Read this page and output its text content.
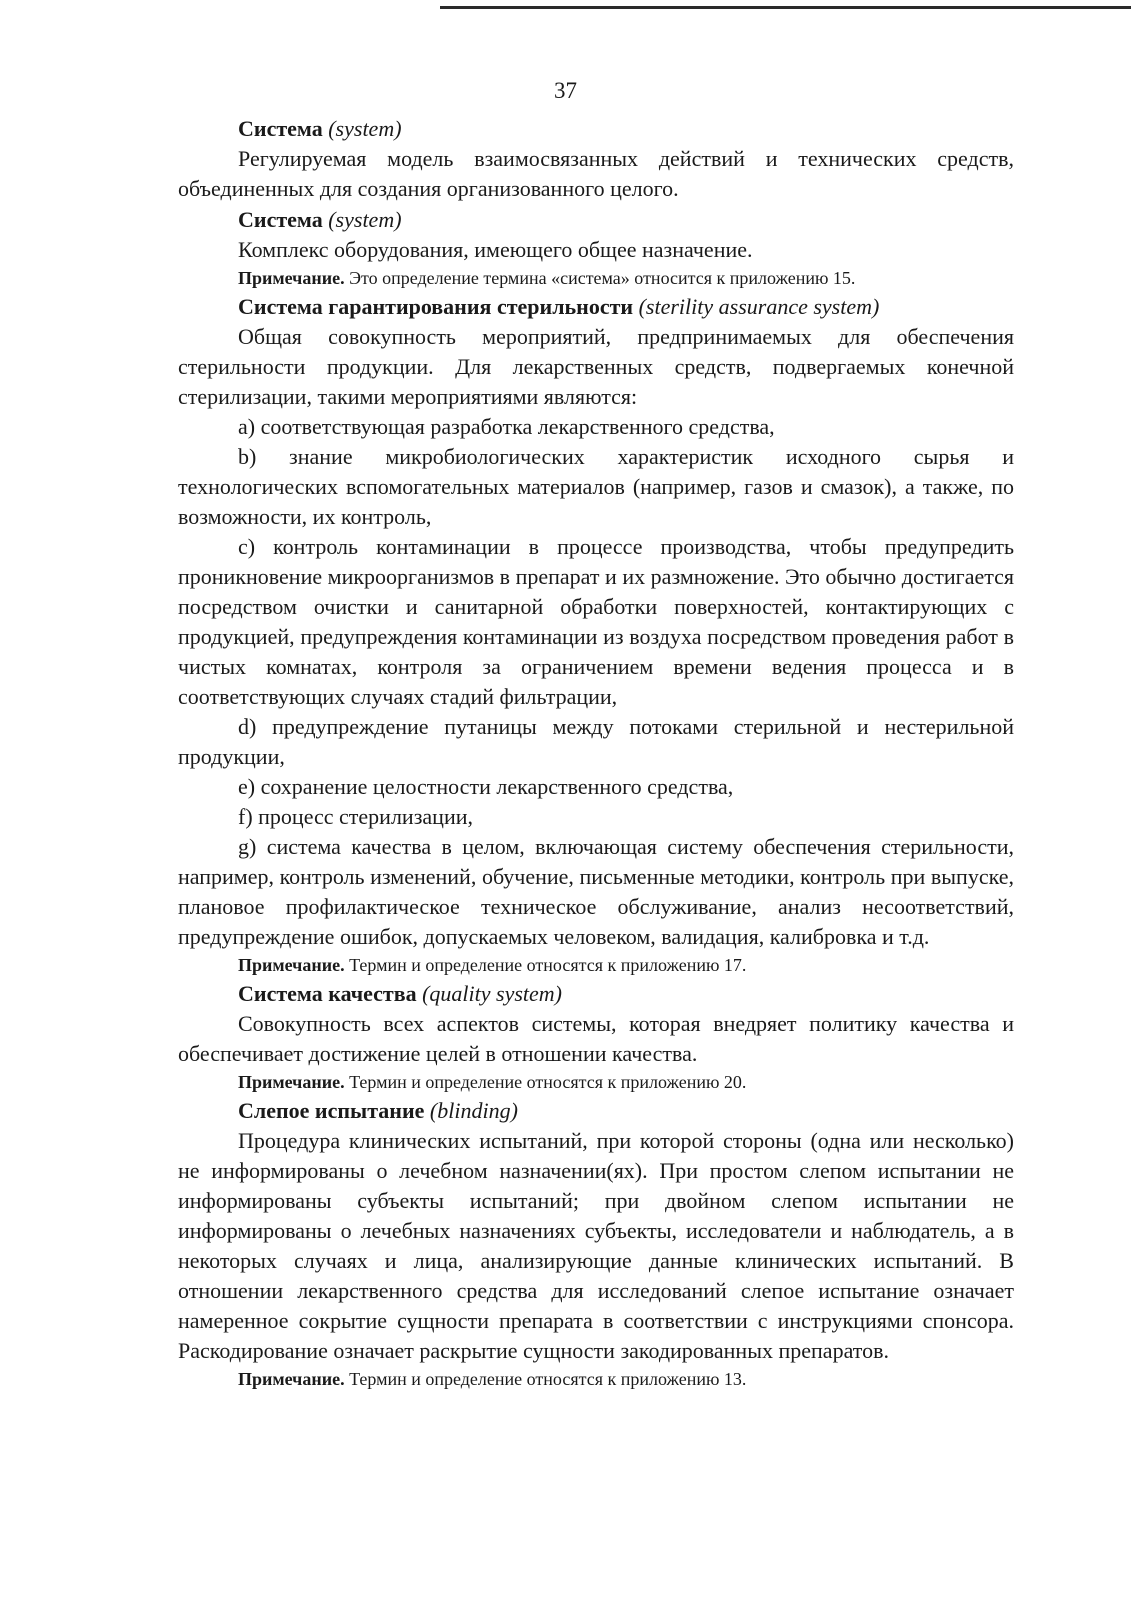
37

Система (system)

Регулируемая модель взаимосвязанных действий и технических средств, объединенных для создания организованного целого.

Система (system)

Комплекс оборудования, имеющего общее назначение.

Примечание. Это определение термина «система» относится к приложению 15.

Система гарантирования стерильности (sterility assurance system)

Общая совокупность мероприятий, предпринимаемых для обеспечения стерильности продукции. Для лекарственных средств, подвергаемых конечной стерилизации, такими мероприятиями являются:

a) соответствующая разработка лекарственного средства,

b) знание микробиологических характеристик исходного сырья и технологических вспомогательных материалов (например, газов и смазок), а также, по возможности, их контроль,

c) контроль контаминации в процессе производства, чтобы предупредить проникновение микроорганизмов в препарат и их размножение. Это обычно достигается посредством очистки и санитарной обработки поверхностей, контактирующих с продукцией, предупреждения контаминации из воздуха посредством проведения работ в чистых комнатах, контроля за ограничением времени ведения процесса и в соответствующих случаях стадий фильтрации,

d) предупреждение путаницы между потоками стерильной и нестерильной продукции,

e) сохранение целостности лекарственного средства,

f) процесс стерилизации,

g) система качества в целом, включающая систему обеспечения стерильности, например, контроль изменений, обучение, письменные методики, контроль при выпуске, плановое профилактическое техническое обслуживание, анализ несоответствий, предупреждение ошибок, допускаемых человеком, валидация, калибровка и т.д.

Примечание. Термин и определение относятся к приложению 17.

Система качества (quality system)

Совокупность всех аспектов системы, которая внедряет политику качества и обеспечивает достижение целей в отношении качества.

Примечание. Термин и определение относятся к приложению 20.

Слепое испытание (blinding)

Процедура клинических испытаний, при которой стороны (одна или несколько) не информированы о лечебном назначении(ях). При простом слепом испытании не информированы субъекты испытаний; при двойном слепом испытании не информированы о лечебных назначениях субъекты, исследователи и наблюдатель, а в некоторых случаях и лица, анализирующие данные клинических испытаний. В отношении лекарственного средства для исследований слепое испытание означает намеренное сокрытие сущности препарата в соответствии с инструкциями спонсора. Раскодирование означает раскрытие сущности закодированных препаратов.

Примечание. Термин и определение относятся к приложению 13.
